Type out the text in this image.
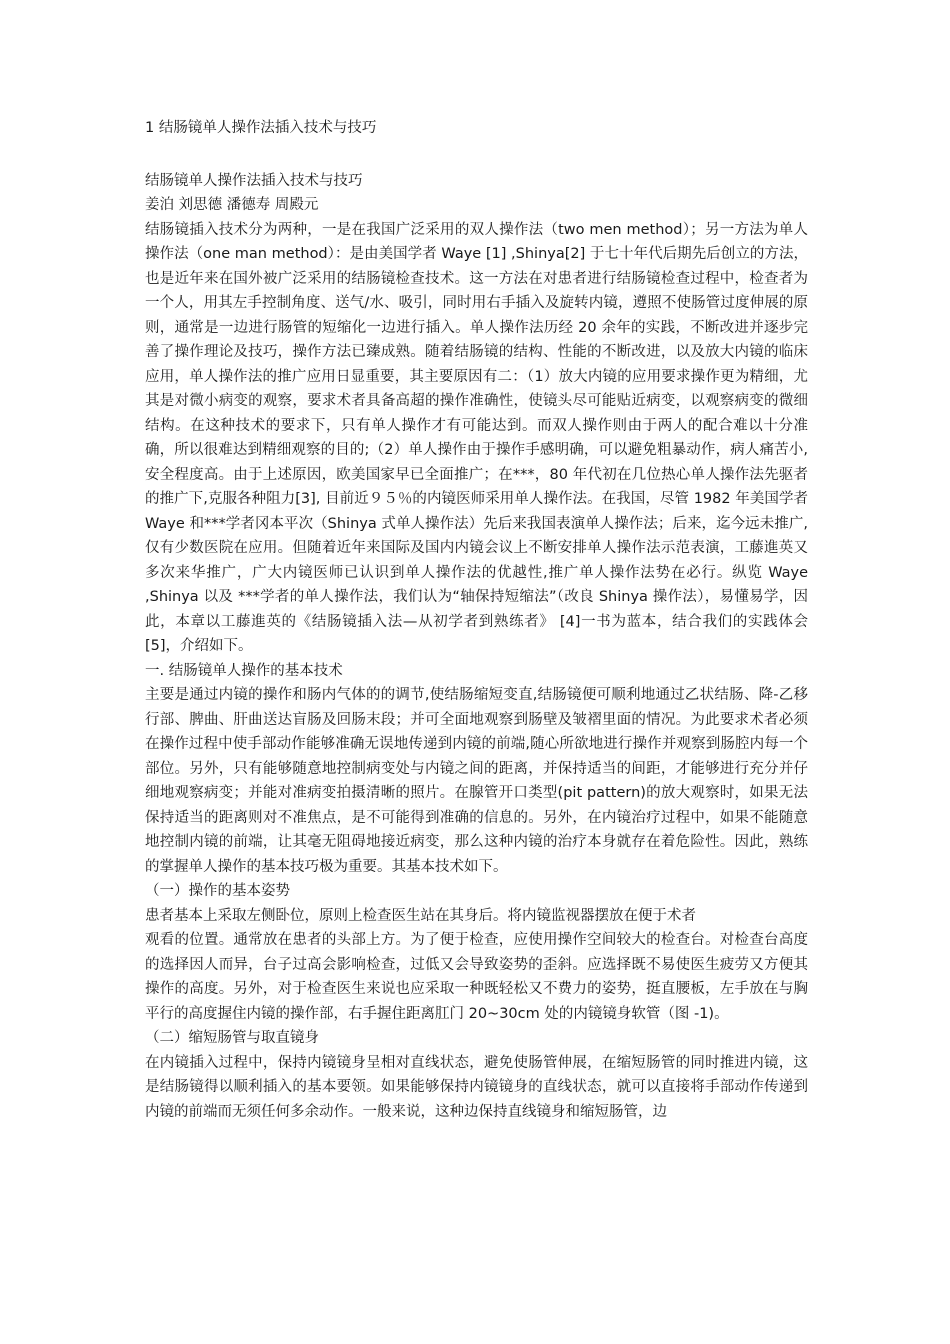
1 结肠镜单人操作法插入技术与技巧

结肠镜单人操作法插入技术与技巧

姜泊 刘思德 潘德寿 周殿元

结肠镜插入技术分为两种，一是在我国广泛采用的双人操作法（two men method）；另一方法为单人操作法（one man method）：是由美国学者 Waye [1] ,Shinya[2] 于七十年代后期先后创立的方法，也是近年来在国外被广泛采用的结肠镜检查技术。这一方法在对患者进行结肠镜检查过程中，检查者为一个人，用其左手控制角度、送气/水、吸引，同时用右手插入及旋转内镜，遵照不使肠管过度伸展的原则，通常是一边进行肠管的短缩化一边进行插入。单人操作法历经 20 余年的实践，不断改进并逐步完善了操作理论及技巧，操作方法已臻成熟。随着结肠镜的结构、性能的不断改进，以及放大内镜的临床应用，单人操作法的推广应用日显重要，其主要原因有二：（1）放大内镜的应用要求操作更为精细，尤其是对微小病变的观察，要求术者具备高超的操作准确性，使镜头尽可能贴近病变，以观察病变的微细结构。在这种技术的要求下，只有单人操作才有可能达到。而双人操作则由于两人的配合难以十分准确，所以很难达到精细观察的目的;（2）单人操作由于操作手感明确，可以避免粗暴动作，病人痛苦小,安全程度高。由于上述原因，欧美国家早已全面推广；在***，80 年代初在几位热心单人操作法先驱者的推广下,克服各种阻力[3], 目前近９５％的内镜医师采用单人操作法。在我国，尽管 1982 年美国学者 Waye 和***学者冈本平次（Shinya 式单人操作法）先后来我国表演单人操作法；后来，迄今远未推广,仅有少数医院在应用。但随着近年来国际及国内内镜会议上不断安排单人操作法示范表演，工藤進英又多次来华推广，广大内镜医师已认识到单人操作法的优越性,推广单人操作法势在必行。纵览 Waye ,Shinya 以及 ***学者的单人操作法，我们认为“轴保持短缩法”（改良 Shinya 操作法），易懂易学，因此，本章以工藤進英的《结肠镜插入法—从初学者到熟练者》 [4]一书为蓝本，结合我们的实践体会[5]，介绍如下。

一. 结肠镜单人操作的基本技术

主要是通过内镜的操作和肠内气体的的调节,使结肠缩短变直,结肠镜便可顺利地通过乙状结肠、降-乙移行部、脾曲、肝曲送达盲肠及回肠末段；并可全面地观察到肠壁及皱褶里面的情况。为此要求术者必须在操作过程中使手部动作能够准确无误地传递到内镜的前端,随心所欲地进行操作并观察到肠腔内每一个部位。另外，只有能够随意地控制病变处与内镜之间的距离，并保持适当的间距，才能够进行充分并仔细地观察病变；并能对准病变拍摄清晰的照片。在腺管开口类型(pit pattern)的放大观察时，如果无法保持适当的距离则对不准焦点，是不可能得到准确的信息的。另外，在内镜治疗过程中，如果不能随意地控制内镜的前端，让其毫无阻碍地接近病变，那么这种内镜的治疗本身就存在着危险性。因此，熟练的掌握单人操作的基本技巧极为重要。其基本技术如下。

（一）操作的基本姿势

患者基本上采取左侧卧位，原则上检查医生站在其身后。将内镜监视器摆放在便于术者
观看的位置。通常放在患者的头部上方。为了便于检查，应使用操作空间较大的检查台。对检查台高度的选择因人而异，台子过高会影响检查，过低又会导致姿势的歪斜。应选择既不易使医生疲劳又方便其操作的高度。另外，对于检查医生来说也应采取一种既轻松又不费力的姿势，挺直腰板，左手放在与胸平行的高度握住内镜的操作部，右手握住距离肛门 20~30cm 处的内镜镜身软管（图 -1)。

（二）缩短肠管与取直镜身

在内镜插入过程中，保持内镜镜身呈相对直线状态，避免使肠管伸展，在缩短肠管的同时推进内镜，这是结肠镜得以顺利插入的基本要领。如果能够保持内镜镜身的直线状态，就可以直接将手部动作传递到内镜的前端而无须任何多余动作。一般来说，这种边保持直线镜身和缩短肠管，边
